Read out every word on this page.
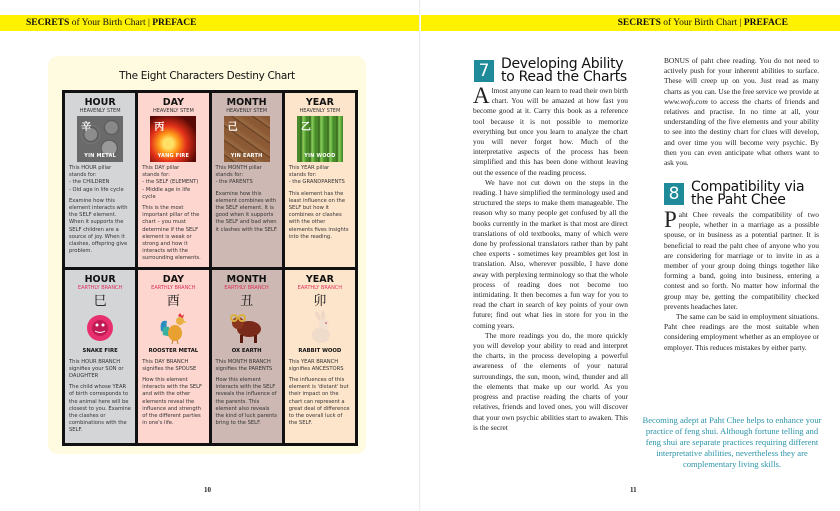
SECRETS of Your Birth Chart | PREFACE	SECRETS of Your Birth Chart | PREFACE
The Eight Characters Destiny Chart
HOUR
HEAVENLY STEM
辛
YIN METAL
This HOUR pillar
stands for:
- the CHILDREN
- Old age in life cycle
Examine how this element interacts with the SELF element. When it supports the SELF children are a source of joy. When it clashes, offspring give problem.
DAY
HEAVENLY STEM
丙
YANG FIRE
This DAY pillar
stands for:
- the SELF (ELEMENT)
- Middle age in life cycle
This is the most important pillar of the chart – you must determine if the SELF element is weak or strong and how it interacts with the surrounding elements.
MONTH
HEAVENLY STEM
己
YIN EARTH
This MONTH pillar
stands for:
- the PARENTS
Examine how this element combines with the SELF element. It is good when it supports the SELF and bad when it clashes with the SELF.
YEAR
HEAVENLY STEM
乙
YIN WOOD
This YEAR pillar
stands for:
- the GRANDPARENTS
This element has the least influence on the SELF but how it combines or clashes with the other elements fives insights into the reading.
HOUR
EARTHLY BRANCH
巳
SNAKE FIRE
This HOUR BRANCH signifies your SON or DAUGHTER
The child whose YEAR of birth corresponds to the animal here will be closest to you. Examine the clashes or combinations with the SELF.
DAY
EARTHLY BRANCH
酉
ROOSTER METAL
This DAY BRANCH signifies the SPOUSE
How this element interacts with the SELF and with the other elements reveal the influence and strength of the different parties in one's life.
MONTH
EARTHLY BRANCH
丑
OX EARTH
This MONTH BRANCH signifies the PARENTS
How this element interacts with the SELF reveals the influence of the parents. This element also reveals the kind of luck parents bring to the SELF.
YEAR
EARTHLY BRANCH
卯
RABBIT WOOD
This YEAR BRANCH signifies ANCESTORS
The influences of this element is 'distant' but their impact on the chart can represent a great deal of difference to the overall luck of the SELF.
10
7 Developing Ability
to Read the Charts

Almost anyone can learn to read their own birth chart. You will be amazed at how fast you become good at it. Carry this book as a reference tool because it is not possible to memorize everything but once you learn to analyze the chart you will never forget how. Much of the interpretative aspects of the process has been simplified and this has been done without leaving out the essence of the reading process.

We have not cut down on the steps in the reading. I have simplified the terminology used and structured the steps to make them manageable. The reason why so many people get confused by all the books currently in the market is that most are direct translations of old textbooks, many of which were done by professional translators rather than by paht chee experts - sometimes key preambles get lost in translation. Also, wherever possible, I have done away with perplexing terminology so that the whole process of reading does not become too intimidating. It then becomes a fun way for you to read the chart in search of key points of your own future; find out what lies in store for you in the coming years.

The more readings you do, the more quickly you will develop your ability to read and interpret the charts, in the process developing a powerful awareness of the elements of your natural surroundings, the sun, moon, wind, thunder and all the elements that make up our world. As you progress and practise reading the charts of your relatives, friends and loved ones, you will discover that your own psychic abilities start to awaken. This is the secret

BONUS of paht chee reading. You do not need to actively push for your inherent abilities to surface. These will creep up on you. Just read as many charts as you can. Use the free service we provide at www.wofs.com to access the charts of friends and relatives and practise. In no time at all, your understanding of the five elements and your ability to see into the destiny chart for clues will develop, and over time you will become very psychic. By then you can even anticipate what others want to ask you.

8 Compatibility via
the Paht Chee

Paht Chee reveals the compatibility of two people, whether in a marriage as a possible spouse, or in business as a potential partner. It is beneficial to read the paht chee of anyone who you are considering for marriage or to invite in as a member of your group doing things together like forming a band, going into business, entering a contest and so forth. No matter how informal the group may be, getting the compatibility checked prevents headaches later.

The same can be said in employment situations. Paht chee readings are the most suitable when considering employment whether as an employee or employer. This reduces mistakes by either party.

Becoming adept at Paht Chee helps to enhance your practice of feng shui. Although fortune telling and feng shui are separate practices requiring different interpretative abilities, nevertheless they are complementary living skills.
11
